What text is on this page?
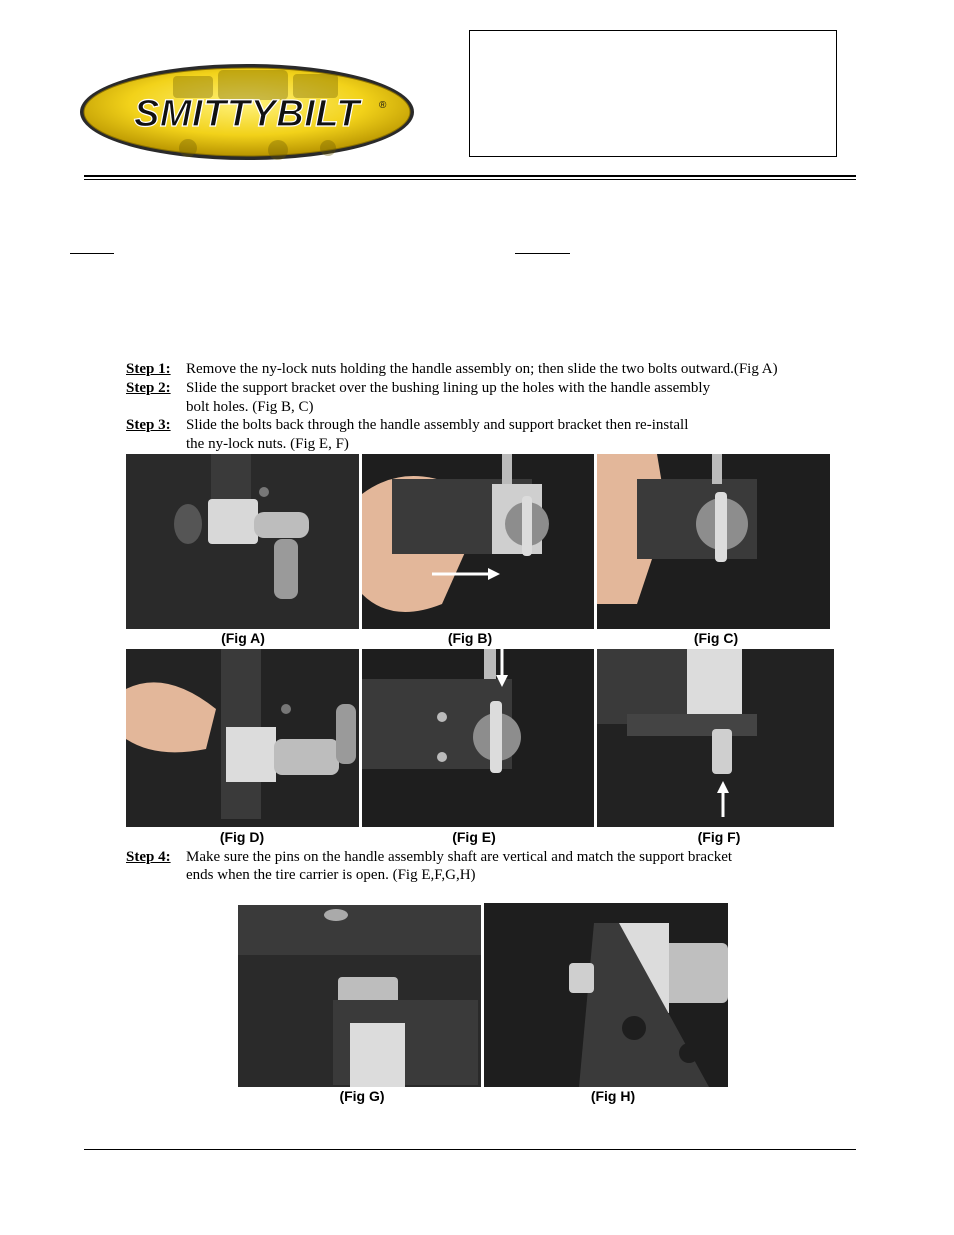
SMITTYBILT ®
Step 1: Remove the ny-lock nuts holding the handle assembly on; then slide the two bolts outward.(Fig A)
Step 2: Slide the support bracket over the bushing lining up the holes with the handle assembly
bolt holes. (Fig B, C)
Step 3: Slide the bolts back through the handle assembly and support bracket then re-install
the ny-lock nuts. (Fig E, F)
(Fig A)	(Fig B)	(Fig C)
(Fig D)	(Fig E)	(Fig F)
Step 4: Make sure the pins on the handle assembly shaft are vertical and match the support bracket
ends when the tire carrier is open. (Fig E,F,G,H)
(Fig G)	(Fig H)
